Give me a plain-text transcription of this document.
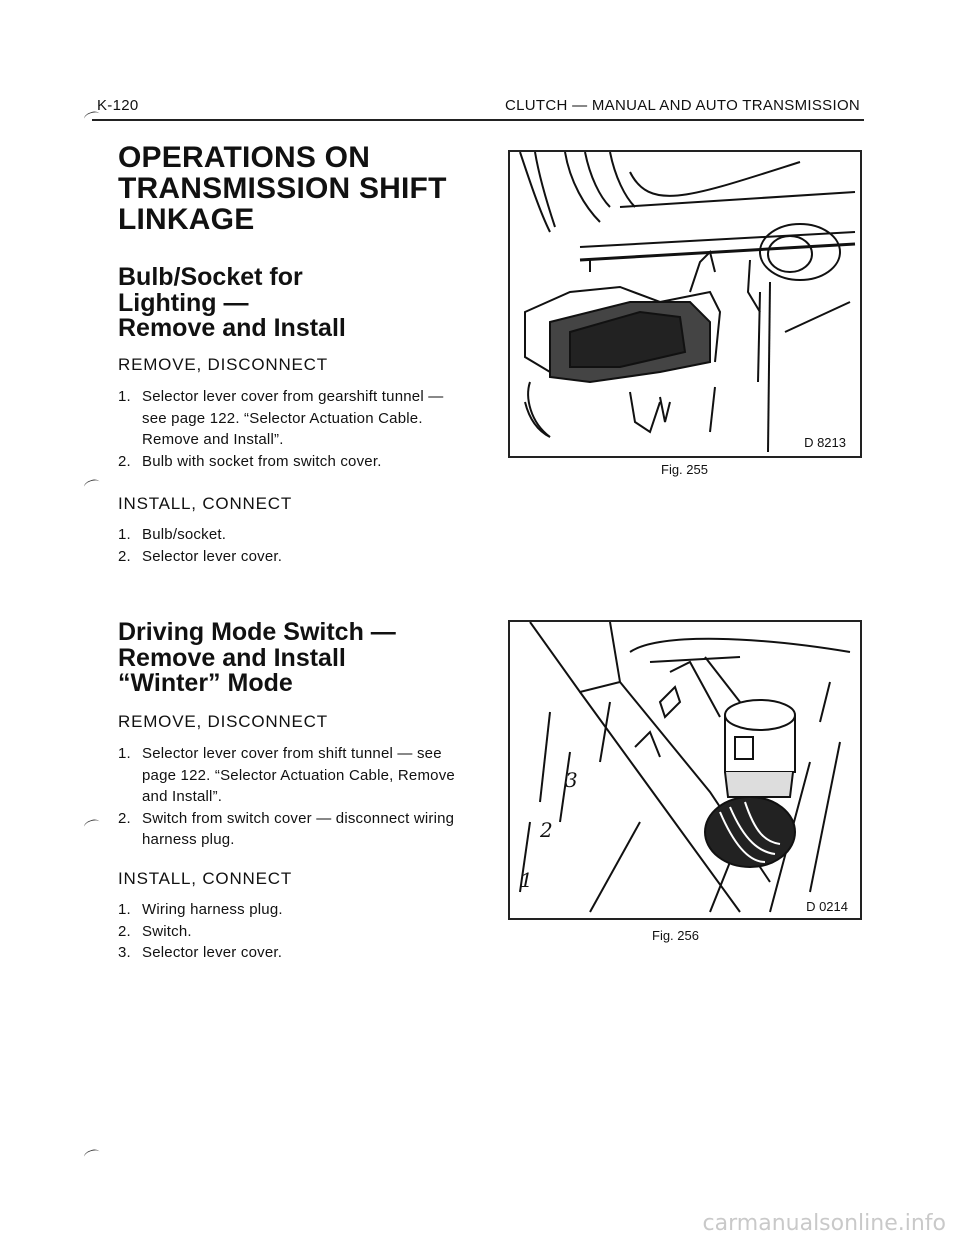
K-120	CLUTCH — MANUAL AND AUTO TRANSMISSION
OPERATIONS ON
TRANSMISSION SHIFT
LINKAGE
Bulb/Socket for
Lighting —
Remove and Install
REMOVE, DISCONNECT
1. Selector lever cover from gearshift tunnel — see page 122. “Selector Actuation Cable. Remove and Install”.
2. Bulb with socket from switch cover.
INSTALL, CONNECT
1. Bulb/socket.
2. Selector lever cover.
Driving Mode Switch —
Remove and Install
“Winter” Mode
REMOVE, DISCONNECT
1. Selector lever cover from shift tunnel — see page 122. “Selector Actuation Cable, Remove and Install”.
2. Switch from switch cover — disconnect wiring harness plug.
INSTALL, CONNECT
1. Wiring harness plug.
2. Switch.
3. Selector lever cover.
D 8213
Fig. 255
3
2
1
D 0214
Fig. 256
carmanualsonline.info
